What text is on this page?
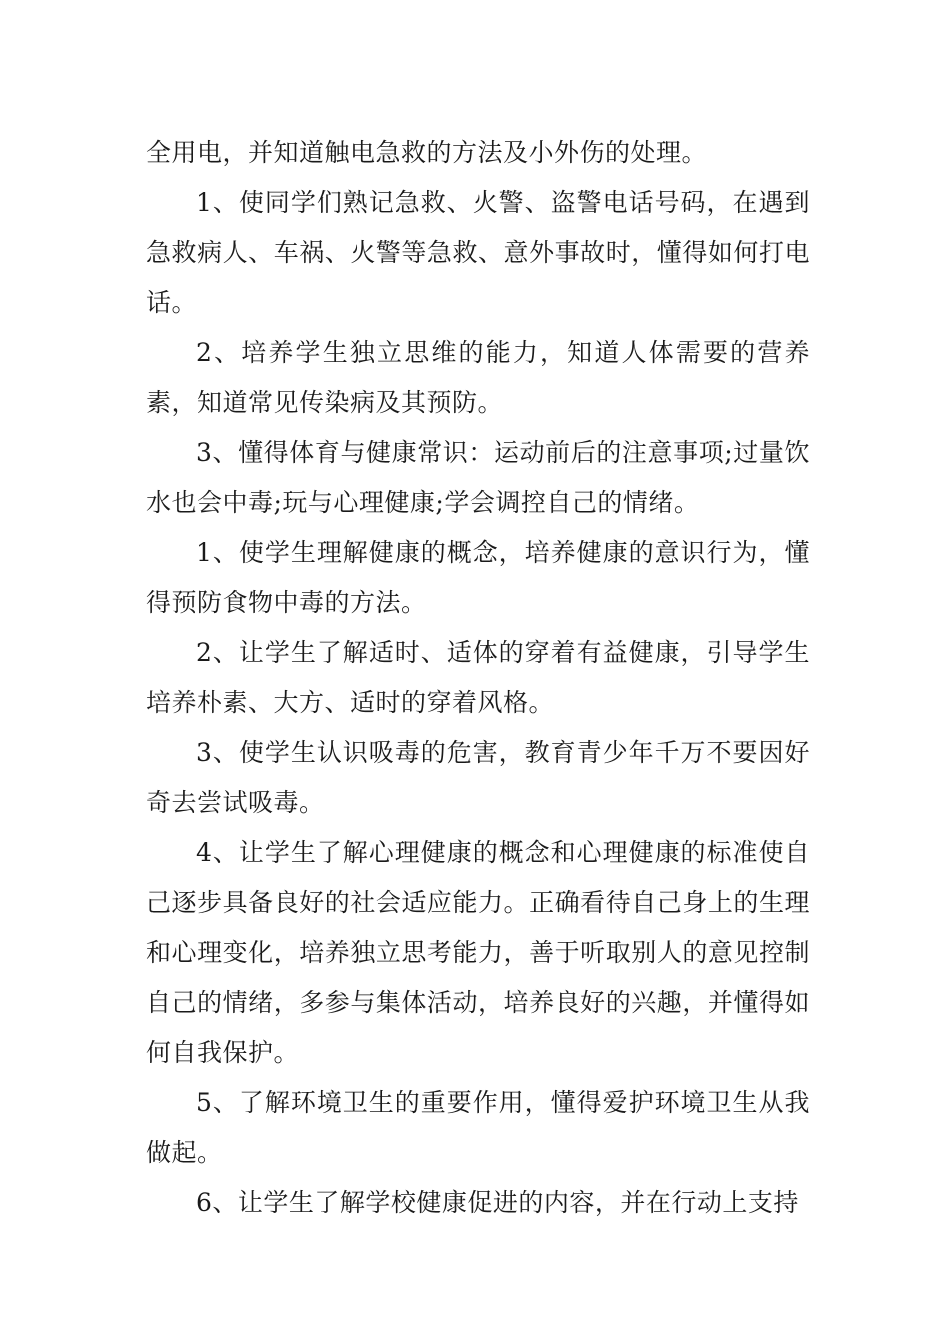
全用电，并知道触电急救的方法及小外伤的处理。

1、使同学们熟记急救、火警、盗警电话号码，在遇到急救病人、车祸、火警等急救、意外事故时，懂得如何打电话。

2、培养学生独立思维的能力，知道人体需要的营养素，知道常见传染病及其预防。

3、懂得体育与健康常识：运动前后的注意事项;过量饮水也会中毒;玩与心理健康;学会调控自己的情绪。

1、使学生理解健康的概念，培养健康的意识行为，懂得预防食物中毒的方法。

2、让学生了解适时、适体的穿着有益健康，引导学生培养朴素、大方、适时的穿着风格。

3、使学生认识吸毒的危害，教育青少年千万不要因好奇去尝试吸毒。

4、让学生了解心理健康的概念和心理健康的标准使自己逐步具备良好的社会适应能力。正确看待自己身上的生理和心理变化，培养独立思考能力，善于听取别人的意见控制自己的情绪，多参与集体活动，培养良好的兴趣，并懂得如何自我保护。

5、了解环境卫生的重要作用，懂得爱护环境卫生从我做起。

6、让学生了解学校健康促进的内容，并在行动上支持
